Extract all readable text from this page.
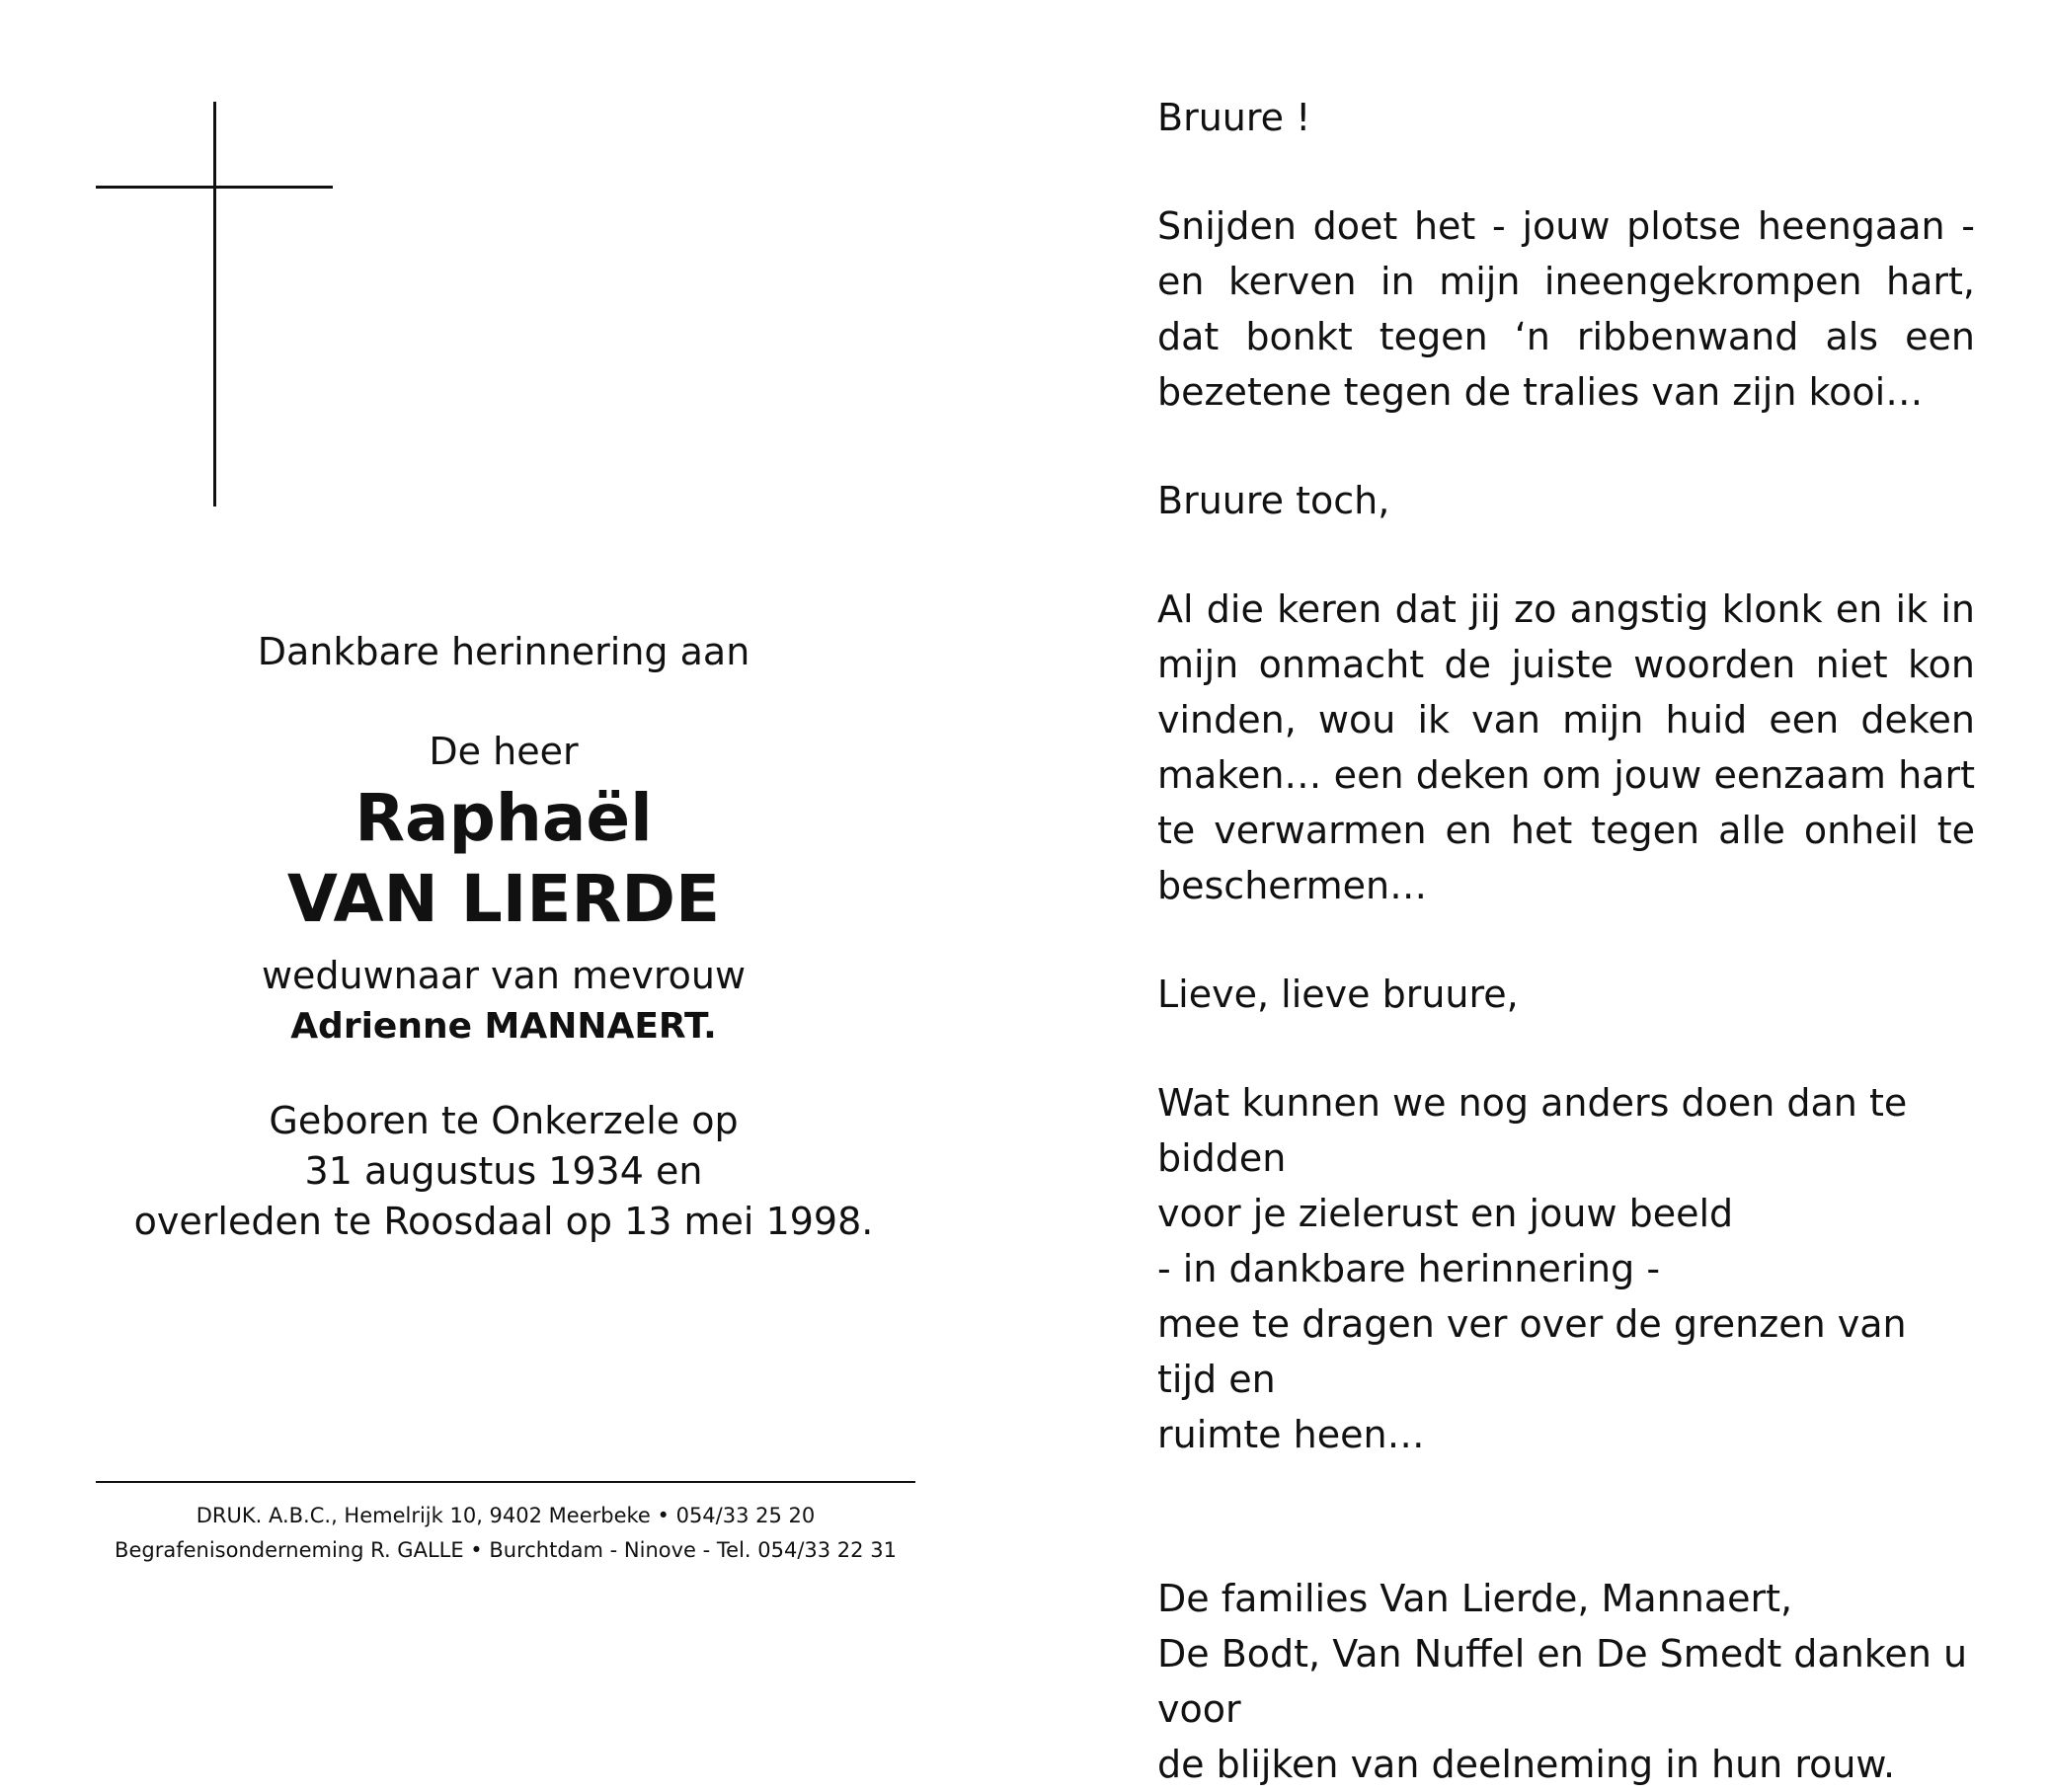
Dankbare herinnering aan
De heer
Raphaël
VAN LIERDE
weduwnaar van mevrouw
Adrienne MANNAERT.
Geboren te Onkerzele op
31 augustus 1934 en
overleden te Roosdaal op 13 mei 1998.
DRUK. A.B.C., Hemelrijk 10, 9402 Meerbeke • 054/33 25 20
Begrafenisonderneming R. GALLE • Burchtdam - Ninove - Tel. 054/33 22 31

Bruure !

Snijden doet het - jouw plotse heengaan - en kerven in mijn ineengekrompen hart, dat bonkt tegen ‘n ribbenwand als een bezetene tegen de tralies van zijn kooi…

Bruure toch,

Al die keren dat jij zo angstig klonk en ik in mijn onmacht de juiste woorden niet kon vinden, wou ik van mijn huid een deken maken… een deken om jouw eenzaam hart te verwarmen en het tegen alle onheil te beschermen…

Lieve, lieve bruure,

Wat kunnen we nog anders doen dan te bidden
voor je zielerust en jouw beeld
- in dankbare herinnering -
mee te dragen ver over de grenzen van tijd en
ruimte heen…
De families Van Lierde, Mannaert,
De Bodt, Van Nuffel en De Smedt danken u voor
de blijken van deelneming in hun rouw.
